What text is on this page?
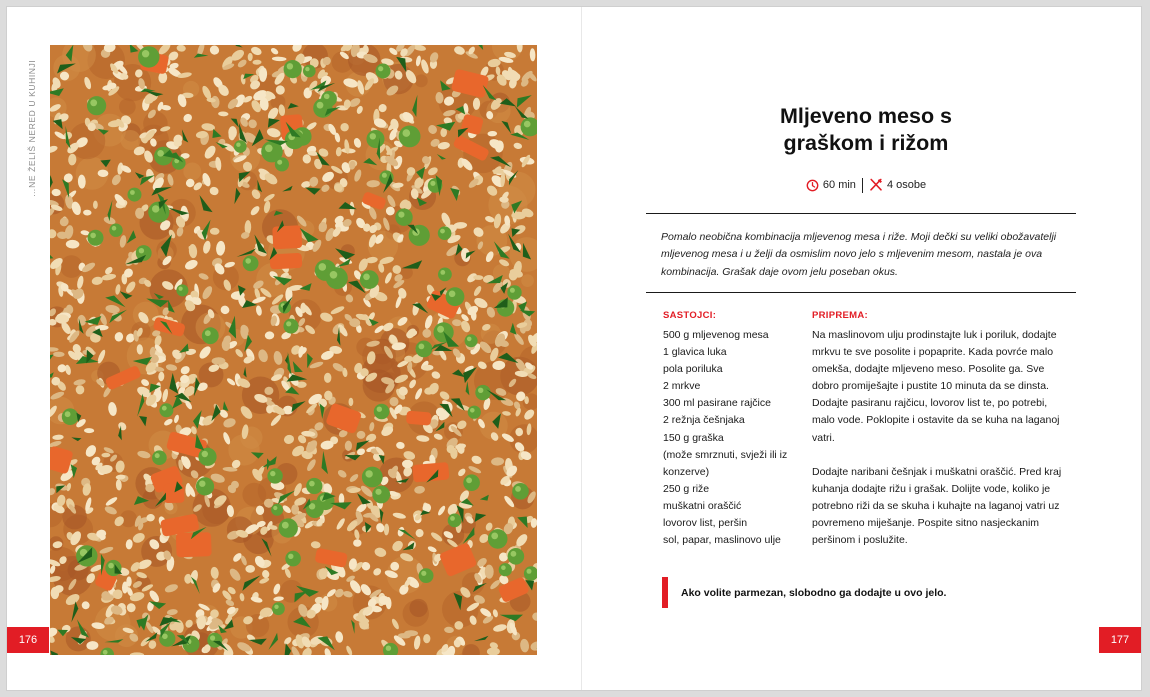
…NE ŽELIŠ NERED U KUHINJI
176	177
Mljeveno meso s
graškom i rižom
60 min	4 osobe

Pomalo neobična kombinacija mljevenog mesa i riže. Moji dečki su veliki obožavatelji mljevenog mesa i u želji da osmislim novo jelo s mljevenim mesom, nastala je ova kombinacija. Grašak daje ovom jelu poseban okus.

SASTOJCI:
500 g mljevenog mesa
1 glavica luka
pola poriluka
2 mrkve
300 ml pasirane rajčice
2 režnja češnjaka
150 g graška
(može smrznuti, svježi ili iz
konzerve)
250 g riže
muškatni oraščić
lovorov list, peršin
sol, papar, maslinovo ulje
PRIPREMA:

Na maslinovom ulju prodinstajte luk i poriluk, dodajte mrkvu te sve posolite i popaprite. Kada povrće malo omekša, dodajte mljeveno meso. Posolite ga. Sve dobro promiješajte i pustite 10 minuta da se dinsta. Dodajte pasiranu rajčicu, lovorov list te, po potrebi, malo vode. Poklopite i ostavite da se kuha na laganoj vatri.

Dodajte naribani češnjak i muškatni oraščić. Pred kraj kuhanja dodajte rižu i grašak. Dolijte vode, koliko je potrebno riži da se skuha i kuhajte na laganoj vatri uz povremeno miješanje. Pospite sitno nasjeckanim peršinom i poslužite.

Ako volite parmezan, slobodno ga dodajte u ovo jelo.
